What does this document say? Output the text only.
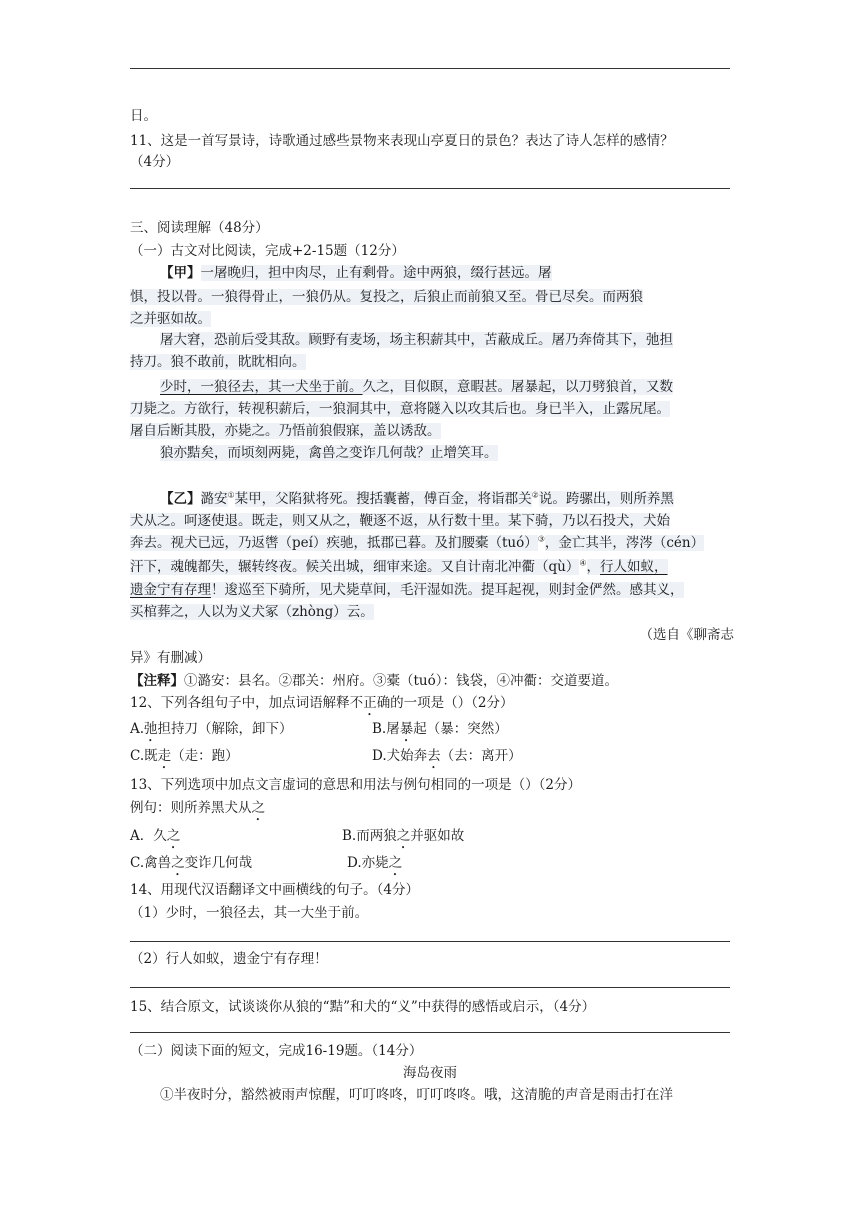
日。
11、这是一首写景诗，诗歌通过感些景物来表现山亭夏日的景色？表达了诗人怎样的感情？
（4分）
三、阅读理解（48分）
（一）古文对比阅读，完成+2-15题（12分）
【甲】一屠晚归，担中肉尽，止有剩骨。途中两狼，缀行甚远。屠
惧，投以骨。一狼得骨止，一狼仍从。复投之，后狼止而前狼又至。骨已尽矣。而两狼
之并驱如故。
屠大窘，恐前后受其敌。顾野有麦场，场主积薪其中，苫蔽成丘。屠乃奔倚其下，弛担
持刀。狼不敢前，眈眈相向。
少时，一狼径去，其一犬坐于前。久之，目似瞑，意暇甚。屠暴起，以刀劈狼首，又数
刀毙之。方欲行，转视积薪后，一狼洞其中，意将隧入以攻其后也。身已半入，止露尻尾。
屠自后断其股，亦毙之。乃悟前狼假寐，盖以诱敌。
狼亦黠矣，而顷刻两毙，禽兽之变诈几何哉？止增笑耳。
【乙】潞安①某甲，父陷狱将死。搜括囊蓄，傅百金，将诣郡关②说。跨骡出，则所养黑
犬从之。呵逐使退。既走，则又从之，鞭逐不返，从行数十里。某下骑，乃以石投犬，犬始
奔去。视犬已远，乃返辔（peí）疾驰，抵郡已暮。及扪腰橐（tuó）③，金亡其半，涔涔（cén）
汗下，魂魄都失，辗转终夜。候关出城，细审来途。又自计南北冲衢（qù）④，行人如蚁，
遗金宁有存理！逡巡至下骑所，见犬毙草间，毛汗湿如洗。提耳起视，则封金俨然。感其义，
买棺葬之，人以为义犬冢（zhòng）云。
（选自《聊斋志
异》有删减）
【注释】①潞安：县名。②郡关：州府。③橐（tuó）：钱袋，④冲衢：交道要道。
12、下列各组句子中，加点词语解释不正确的一项是（）（2分）
A.弛担持刀（解除，卸下）	B.屠暴起（暴：突然）
C.既走（走：跑）	D.犬始奔去（去：离开）
13、下列选项中加点文言虚词的意思和用法与例句相同的一项是（）（2分）
例句：则所养黑犬从之
A．久之	B.而两狼之并驱如故
C.禽兽之变诈几何哉	D.亦毙之
14、用现代汉语翻译文中画横线的句子。（4分）
（1）少时，一狼径去，其一大坐于前。
（2）行人如蚁，遗金宁有存理！
15、结合原文，试谈谈你从狼的“黠”和犬的“义”中获得的感悟或启示，（4分）
（二）阅读下面的短文，完成16-19题。（14分）
海岛夜雨
①半夜时分，豁然被雨声惊醒，叮叮咚咚，叮叮咚咚。哦，这清脆的声音是雨击打在洋
